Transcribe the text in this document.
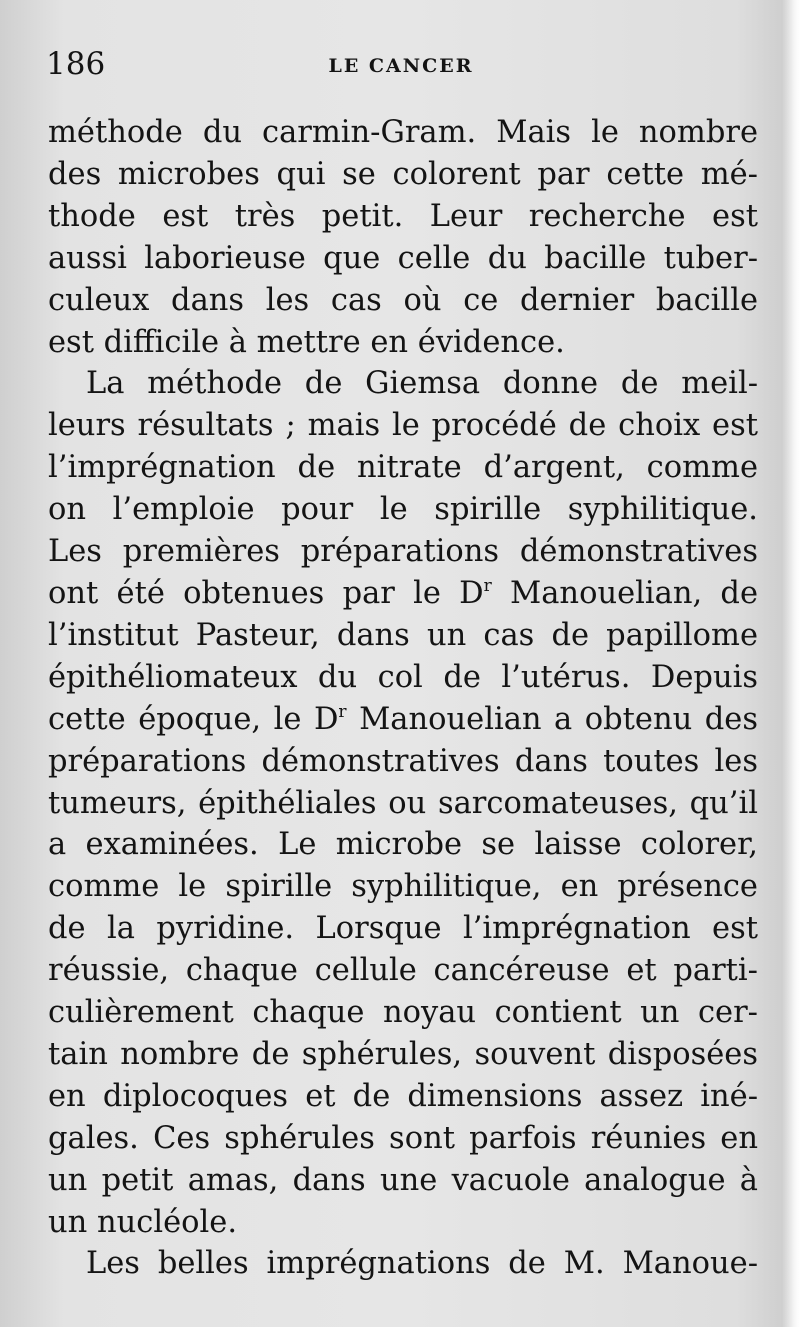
186	LE CANCER
méthode du carmin-Gram. Mais le nombre
des microbes qui se colorent par cette mé-
thode est très petit. Leur recherche est
aussi laborieuse que celle du bacille tuber-
culeux dans les cas où ce dernier bacille
est difficile à mettre en évidence.
La méthode de Giemsa donne de meil-
leurs résultats ; mais le procédé de choix est
l’imprégnation de nitrate d’argent, comme
on l’emploie pour le spirille syphilitique.
Les premières préparations démonstratives
ont été obtenues par le $D^r$ Manouelian, de
l’institut Pasteur, dans un cas de papillome
épithéliomateux du col de l’utérus. Depuis
cette époque, le $D^r$ Manouelian a obtenu des
préparations démonstratives dans toutes les
tumeurs, épithéliales ou sarcomateuses, qu’il
a examinées. Le microbe se laisse colorer,
comme le spirille syphilitique, en présence
de la pyridine. Lorsque l’imprégnation est
réussie, chaque cellule cancéreuse et parti-
culièrement chaque noyau contient un cer-
tain nombre de sphérules, souvent disposées
en diplocoques et de dimensions assez iné-
gales. Ces sphérules sont parfois réunies en
un petit amas, dans une vacuole analogue à
un nucléole.
Les belles imprégnations de M. Manoue-
